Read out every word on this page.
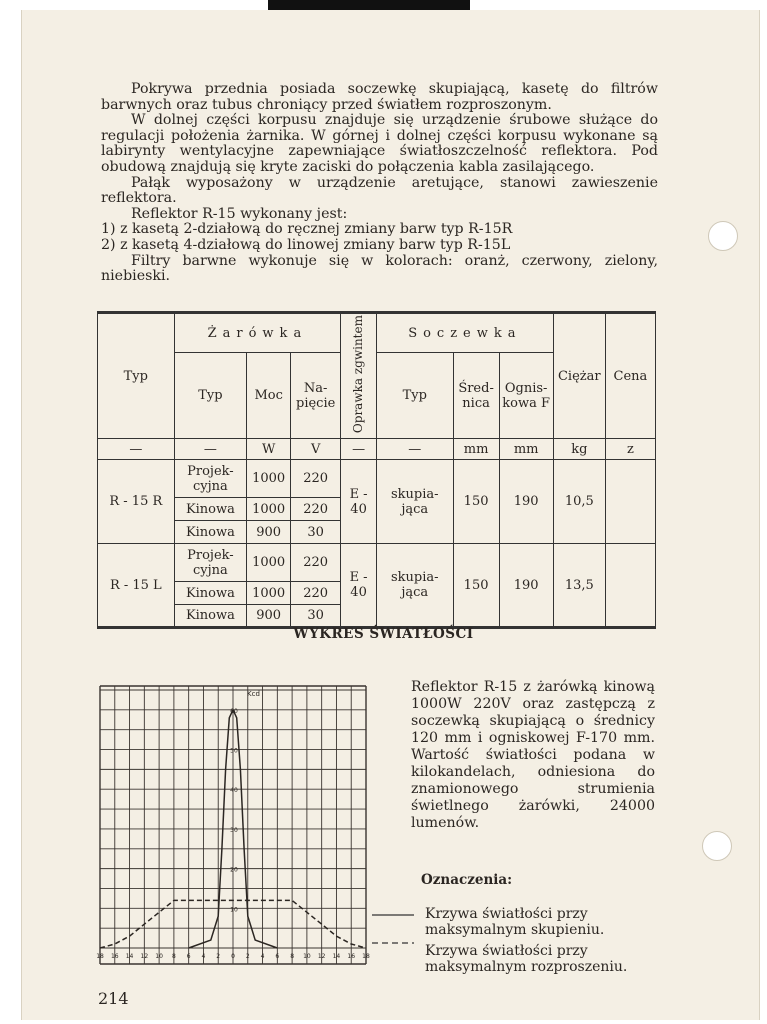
Pokrywa przednia posiada soczewkę skupiającą, kasetę do filtrów barwnych oraz tubus chroniący przed światłem rozproszonym.

W dolnej części korpusu znajduje się urządzenie śrubowe służące do regulacji położenia żarnika. W górnej i dolnej części korpusu wykonane są labirynty wentylacyjne zapewniające światłoszczelność reflektora. Pod obudową znajdują się kryte zaciski do połączenia kabla zasilającego.

Pałąk wyposażony w urządzenie aretujące, stanowi zawieszenie reflektora.

Reflektor R-15 wykonany jest:

1) z kasetą 2-działową do ręcznej zmiany barw typ R-15R

2) z kasetą 4-działową do linowej zmiany barw typ R-15L

Filtry barwne wykonuje się w kolorach: oranż, czerwony, zielony, niebieski.

Typ	Żarówka			Oprawka zgwintem	Soczewka			Ciężar	Cena
	Typ	Moc	Na-pięcie		Typ	Śred-nica	Ognis-kowa F		
—	—	W	V	—	—	mm	mm	kg	z
R - 15 R	Projek-cyjna	1000	220	E - 40	skupia-jąca	150	190	10,5	
	Kinowa	1000	220						
	Kinowa	900	30						
R - 15 L	Projek-cyjna	1000	220	E - 40	skupia-jąca	150	190	13,5	
	Kinowa	1000	220						
	Kinowa	900	30						
WYKRES ŚWIATŁOŚCI
18 16 14 12 10 8 6 4 2 0 2 4 6 8 10 12 14 16 18
10
20
30
40
50
60
Kcd	Reflektor R-15 z żarówką kinową 1000W 220V oraz zastępczą z soczewką skupiającą o średnicy 120 mm i ogniskowej F-170 mm. Wartość światłości podana w kilokandelach, odniesiona do znamionowego strumienia świetlnego żarówki, 24000 lumenów.
Oznaczenia:
Krzywa światłości przy maksymalnym skupieniu.
Krzywa światłości przy maksymalnym rozproszeniu.
214
